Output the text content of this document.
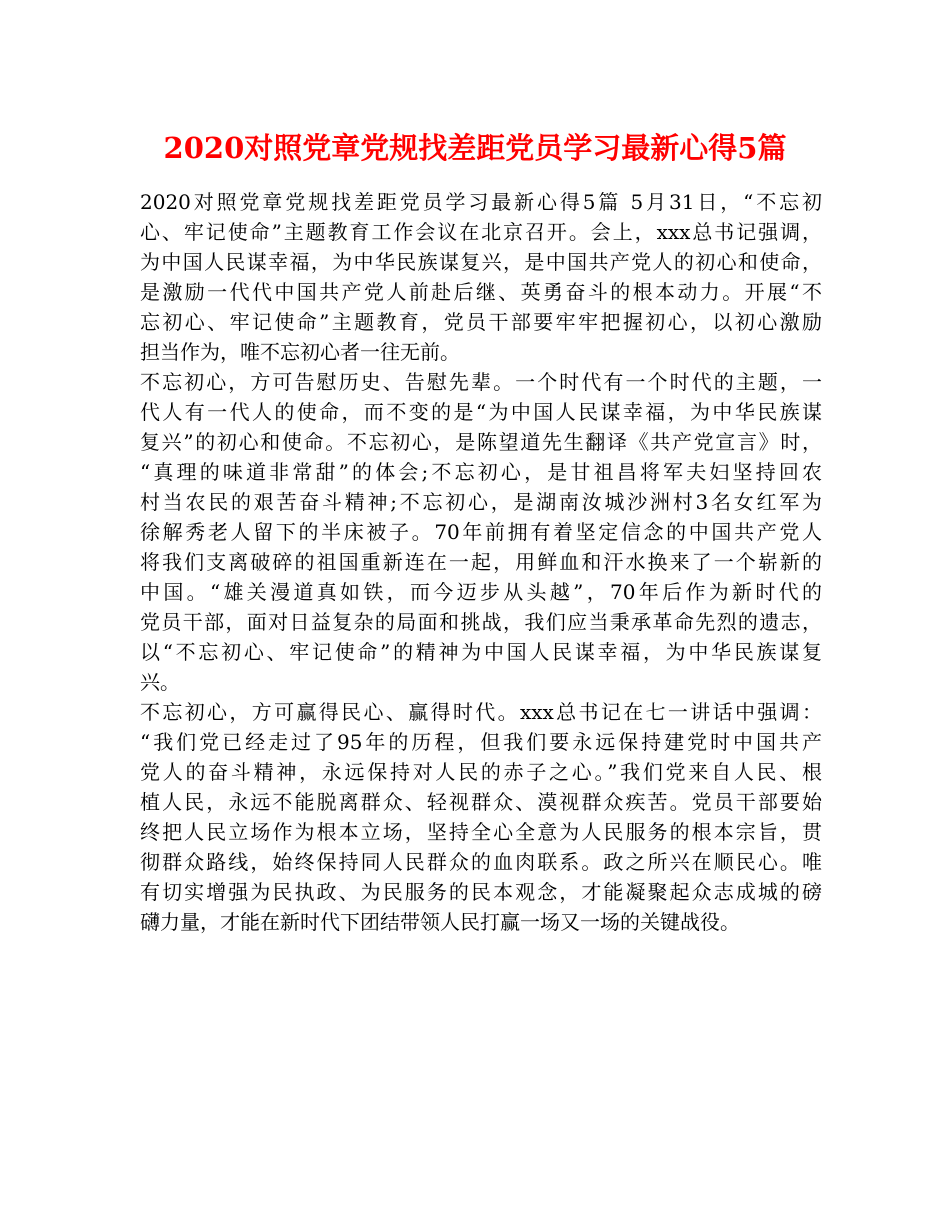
2020对照党章党规找差距党员学习最新心得5篇
2020对照党章党规找差距党员学习最新心得5篇 5月31日，“不忘初
心、牢记使命”主题教育工作会议在北京召开。会上，xxx总书记强调，
为中国人民谋幸福，为中华民族谋复兴，是中国共产党人的初心和使命，
是激励一代代中国共产党人前赴后继、英勇奋斗的根本动力。开展“不
忘初心、牢记使命”主题教育，党员干部要牢牢把握初心，以初心激励
担当作为，唯不忘初心者一往无前。
不忘初心，方可告慰历史、告慰先辈。一个时代有一个时代的主题，一
代人有一代人的使命，而不变的是“为中国人民谋幸福，为中华民族谋
复兴”的初心和使命。不忘初心，是陈望道先生翻译《共产党宣言》时，
“真理的味道非常甜”的体会;不忘初心，是甘祖昌将军夫妇坚持回农
村当农民的艰苦奋斗精神;不忘初心，是湖南汝城沙洲村3名女红军为
徐解秀老人留下的半床被子。70年前拥有着坚定信念的中国共产党人
将我们支离破碎的祖国重新连在一起，用鲜血和汗水换来了一个崭新的
中国。“雄关漫道真如铁，而今迈步从头越”，70年后作为新时代的
党员干部，面对日益复杂的局面和挑战，我们应当秉承革命先烈的遗志，
以“不忘初心、牢记使命”的精神为中国人民谋幸福，为中华民族谋复
兴。
不忘初心，方可赢得民心、赢得时代。xxx总书记在七一讲话中强调：
“我们党已经走过了95年的历程，但我们要永远保持建党时中国共产
党人的奋斗精神，永远保持对人民的赤子之心。”我们党来自人民、根
植人民，永远不能脱离群众、轻视群众、漠视群众疾苦。党员干部要始
终把人民立场作为根本立场，坚持全心全意为人民服务的根本宗旨，贯
彻群众路线，始终保持同人民群众的血肉联系。政之所兴在顺民心。唯
有切实增强为民执政、为民服务的民本观念，才能凝聚起众志成城的磅
礴力量，才能在新时代下团结带领人民打赢一场又一场的关键战役。
